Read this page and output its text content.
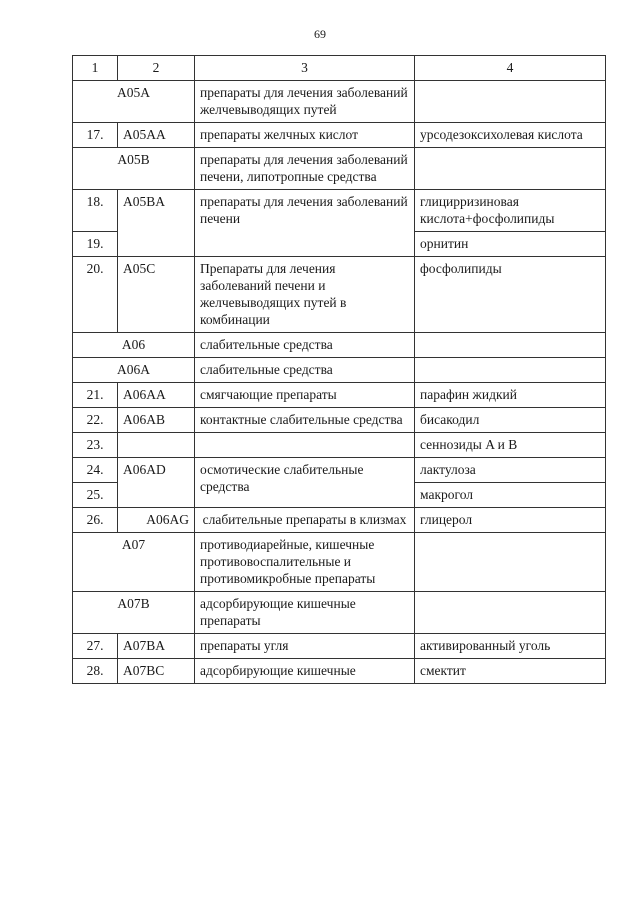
69
1	2	3	4
A05A		препараты для лечения заболеваний желчевыводящих путей	
17.	A05AA	препараты желчных кислот	урсодезоксихолевая кислота
A05B		препараты для лечения заболеваний печени, липотропные средства	
18.	A05BA	препараты для лечения заболеваний печени	глицирризиновая кислота+фосфолипиды
19.			орнитин
20.	A05C	Препараты для лечения заболеваний печени и желчевыводящих путей в комбинации	фосфолипиды
A06		слабительные средства	
A06A		слабительные средства	
21.	A06AA	смягчающие препараты	парафин жидкий
22.	A06AB	контактные слабительные средства	бисакодил
23.			сеннозиды A и B
24.	A06AD	осмотические слабительные средства	лактулоза
25.			макрогол
26.	A06AG	слабительные препараты в клизмах	глицерол
A07		противодиарейные, кишечные противовоспалительные и противомикробные препараты	
A07B		адсорбирующие кишечные препараты	
27.	A07BA	препараты угля	активированный уголь
28.	A07BC	адсорбирующие кишечные	смектит
